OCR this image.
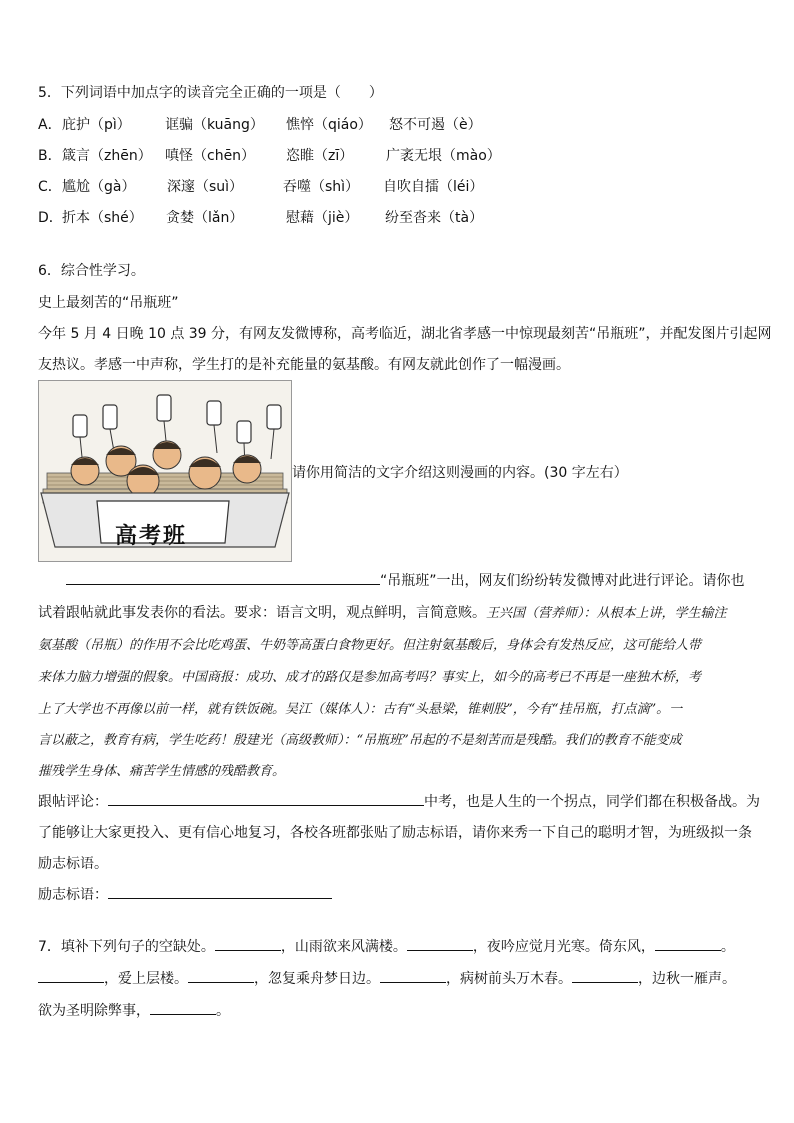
5．下列词语中加点字的读音完全正确的一项是（　　）
A． 庇护（pì） 诓骗（kuāng） 憔悴（qiáo） 怒不可遏（è）
B． 箴言（zhēn） 嗔怪（chēn） 恣睢（zī） 广袤无垠（mào）
C． 尴尬（gà） 深邃（suì）	吞噬（shì） 自吹自擂（léi）
D． 折本（shé） 贪婪（lǎn）	慰藉（jiè） 纷至沓来（tà）
6．综合性学习。
史上最刻苦的“吊瓶班”
今年 5 月 4 日晚 10 点 39 分，有网友发微博称，高考临近，湖北省孝感一中惊现最刻苦“吊瓶班”，并配发图片引起网
友热议。孝感一中声称，学生打的是补充能量的氨基酸。有网友就此创作了一幅漫画。
高考班
请你用简洁的文字介绍这则漫画的内容。(30 字左右）
“吊瓶班”一出，网友们纷纷转发微博对此进行评论。请你也
试着跟帖就此事发表你的看法。要求：语言文明，观点鲜明，言简意赅。王兴国（营养师）：从根本上讲，学生输注
氨基酸（吊瓶）的作用不会比吃鸡蛋、牛奶等高蛋白食物更好。但注射氨基酸后，身体会有发热反应，这可能给人带
来体力脑力增强的假象。中国商报：成功、成才的路仅是参加高考吗？事实上，如今的高考已不再是一座独木桥，考
上了大学也不再像以前一样，就有铁饭碗。吴江（媒体人）：古有“头悬梁，锥刺股”，今有“挂吊瓶，打点滴”。一
言以蔽之，教育有病，学生吃药！殷建光（高级教师）：“吊瓶班”吊起的不是刻苦而是残酷。我们的教育不能变成
摧残学生身体、痛苦学生情感的残酷教育。
跟帖评论：	中考，也是人生的一个拐点，同学们都在积极备战。为
了能够让大家更投入、更有信心地复习，各校各班都张贴了励志标语，请你来秀一下自己的聪明才智，为班级拟一条
励志标语。
励志标语：
7．填补下列句子的空缺处。	，山雨欲来风满楼。	，夜吟应觉月光寒。倚东风，	。
，爱上层楼。	，忽复乘舟梦日边。	，病树前头万木春。	，边秋一雁声。
欲为圣明除弊事，	。
